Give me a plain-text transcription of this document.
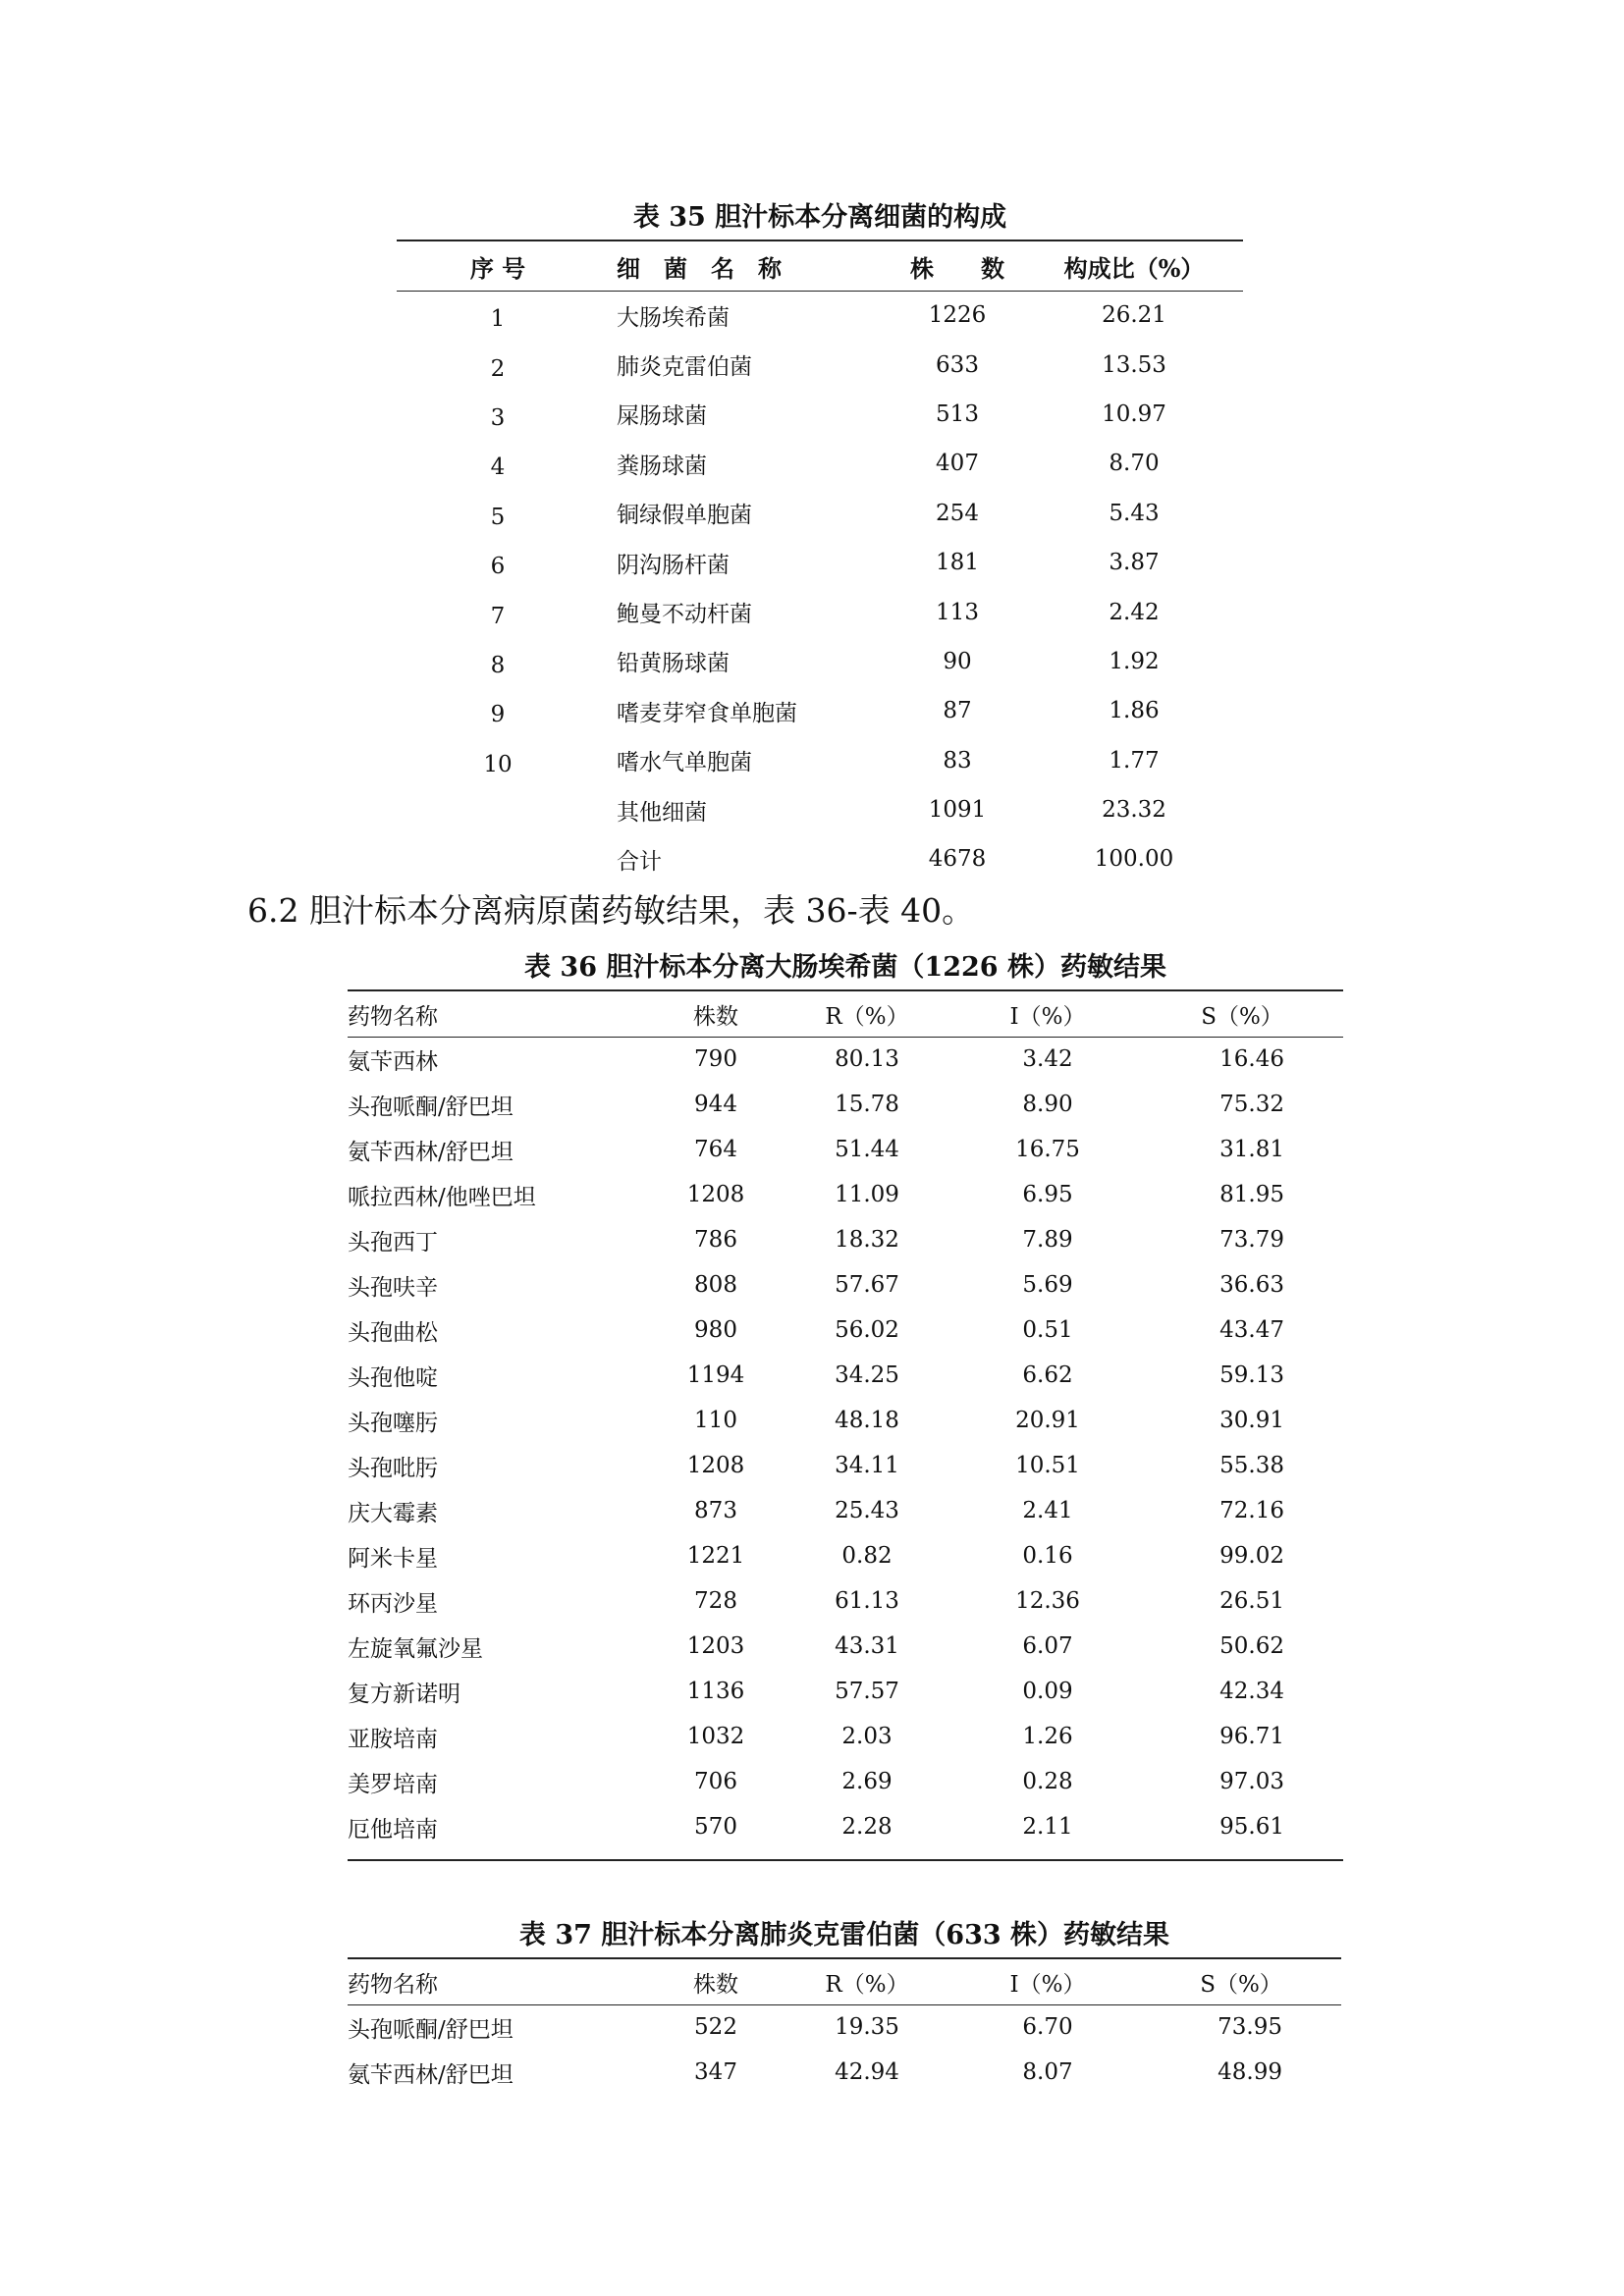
表 35 胆汁标本分离细菌的构成
序 号	细　菌　名　称	株　　数	构成比（%）
1	大肠埃希菌	1226	26.21
2	肺炎克雷伯菌	633	13.53
3	屎肠球菌	513	10.97
4	粪肠球菌	407	8.70
5	铜绿假单胞菌	254	5.43
6	阴沟肠杆菌	181	3.87
7	鲍曼不动杆菌	113	2.42
8	铅黄肠球菌	90	1.92
9	嗜麦芽窄食单胞菌	87	1.86
10	嗜水气单胞菌	83	1.77
	其他细菌	1091	23.32
	合计	4678	100.00
6.2 胆汁标本分离病原菌药敏结果，表 36-表 40。
表 36 胆汁标本分离大肠埃希菌（1226 株）药敏结果
药物名称	株数	R（%）	I（%）	S（%）
氨苄西林	790	80.13	3.42	16.46
头孢哌酮/舒巴坦	944	15.78	8.90	75.32
氨苄西林/舒巴坦	764	51.44	16.75	31.81
哌拉西林/他唑巴坦	1208	11.09	6.95	81.95
头孢西丁	786	18.32	7.89	73.79
头孢呋辛	808	57.67	5.69	36.63
头孢曲松	980	56.02	0.51	43.47
头孢他啶	1194	34.25	6.62	59.13
头孢噻肟	110	48.18	20.91	30.91
头孢吡肟	1208	34.11	10.51	55.38
庆大霉素	873	25.43	2.41	72.16
阿米卡星	1221	0.82	0.16	99.02
环丙沙星	728	61.13	12.36	26.51
左旋氧氟沙星	1203	43.31	6.07	50.62
复方新诺明	1136	57.57	0.09	42.34
亚胺培南	1032	2.03	1.26	96.71
美罗培南	706	2.69	0.28	97.03
厄他培南	570	2.28	2.11	95.61
表 37 胆汁标本分离肺炎克雷伯菌（633 株）药敏结果
药物名称	株数	R（%）	I（%）	S（%）
头孢哌酮/舒巴坦	522	19.35	6.70	73.95
氨苄西林/舒巴坦	347	42.94	8.07	48.99
